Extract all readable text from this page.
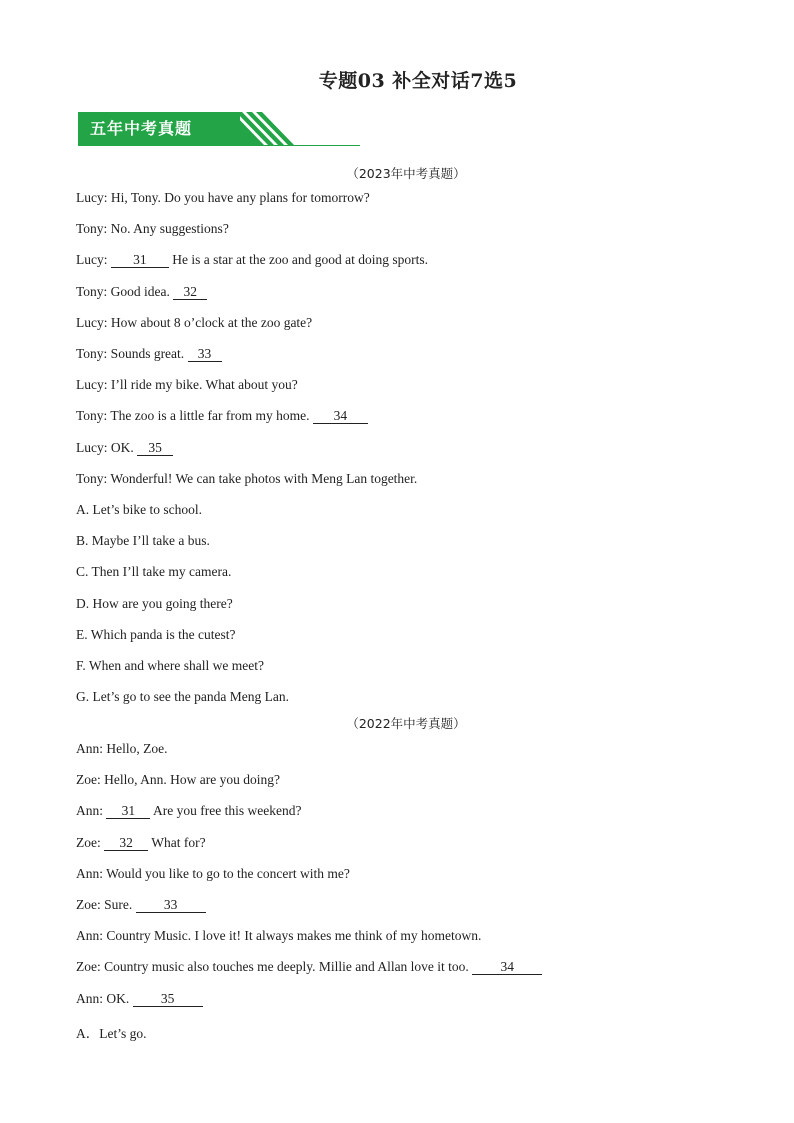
专题03 补全对话7选5
五年中考真题
（2023年中考真题）
Lucy: Hi, Tony. Do you have any plans for tomorrow?
Tony: No. Any suggestions?
Lucy: 31 He is a star at the zoo and good at doing sports.
Tony: Good idea. 32
Lucy: How about 8 o’clock at the zoo gate?
Tony: Sounds great. 33
Lucy: I’ll ride my bike. What about you?
Tony: The zoo is a little far from my home. 34
Lucy: OK. 35
Tony: Wonderful! We can take photos with Meng Lan together.
A. Let’s bike to school.
B. Maybe I’ll take a bus.
C. Then I’ll take my camera.
D. How are you going there?
E. Which panda is the cutest?
F. When and where shall we meet?
G. Let’s go to see the panda Meng Lan.
（2022年中考真题）
Ann: Hello, Zoe.
Zoe: Hello, Ann. How are you doing?
Ann: 31 Are you free this weekend?
Zoe: 32 What for?
Ann: Would you like to go to the concert with me?
Zoe: Sure. 33
Ann: Country Music. I love it! It always makes me think of my hometown.
Zoe: Country music also touches me deeply. Millie and Allan love it too. 34
Ann: OK. 35
A．Let’s go.
